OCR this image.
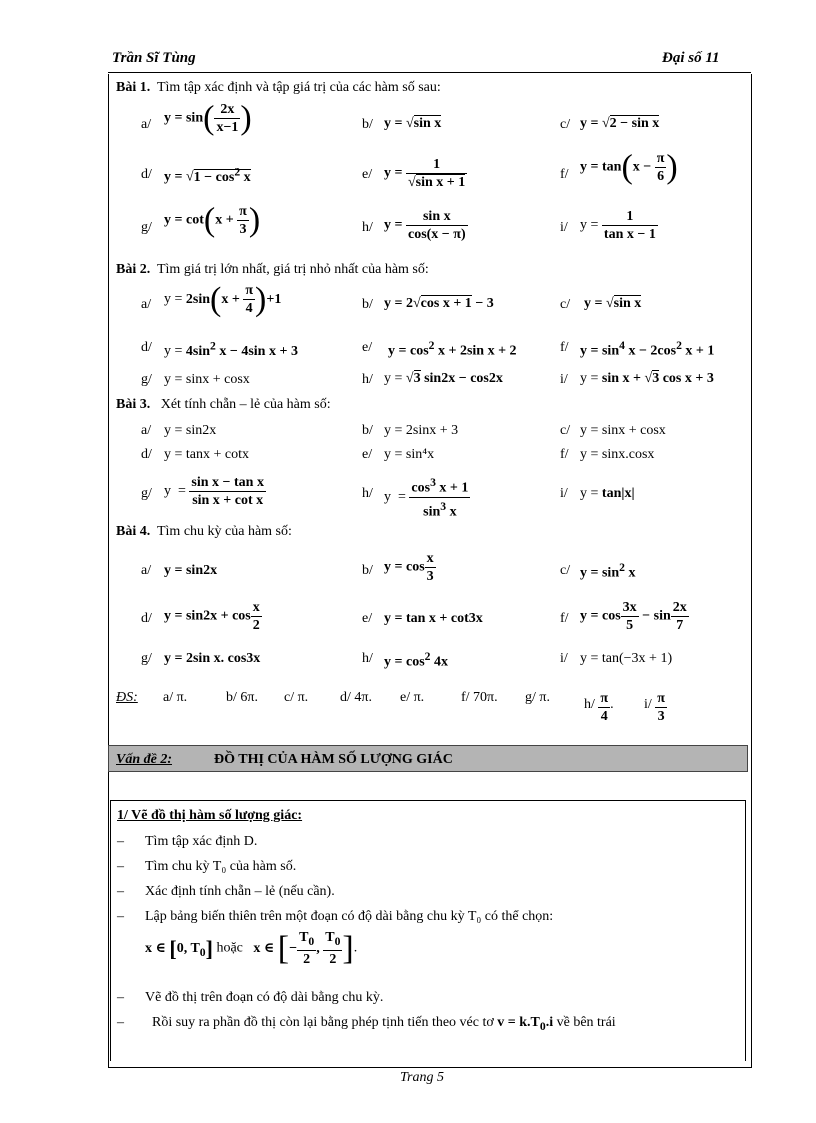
Trần Sĩ Tùng	Đại số 11
Bài 1. Tìm tập xác định và tập giá trị của các hàm số sau:
a/ $y = \sin( \frac{2x}{x-1}$ )	b/ y = √sin x	c/ y = √2 − sin x
d/ $y = √1 - \cos^2 x$	e/ $y = \frac{1}{\text{√sin x + 1}}$	f/ $y = \tan(x - \frac{\pi}{6}$ )
g/ $y = \cot(x + \frac{\pi}{3}$ )	h/ $y = \frac{\text{sin x}}{\cos(x - \pi)}$	i/ $y = \frac{1}{\text{tan x − 1}}$
Bài 2. Tìm giá trị lớn nhất, giá trị nhỏ nhất của hàm số:
a/ $y = 2\sin(x + \frac{\pi}{4} )+1$	b/ y = 2√cos x + 1 − 3	c/ y = √sin x
d/ $y = 4\sin^2$ x − 4sin x + 3	e/ $y = \cos^2 x + 2\sin$ x + 2	f/ $y = \sin^4 x - 2\cos^2$ x + 1
g/ y = sinx + cosx	h/ y = √3 sin2x − cos2x	i/ y = sin x + √3 cos x + 3
Bài 3. Xét tính chẵn – lẻ của hàm số:
a/ y = sin2x	b/ y = 2sinx + 3	c/ y = sinx + cosx
d/ y = tanx + cotx	e/ y = sin⁴x	f/ y = sinx.cosx
g/ $y = \frac{\text{sin x − tan x}}{\text{sin x + cot x}}$	h/ $y = \frac{\cos^3 x + 1}{\sin^3 x}$	i/ y = tan|x|
Bài 4. Tìm chu kỳ của hàm số:
a/ y = sin2x	b/ $y = \cos \frac{x}{3}$	c/ $y = \sin^2 x$
d/ $y = \sin 2x + \cos \frac{x}{2}$	e/ y = tan x + cot3x	f/ $y = \cos \frac{3x}{5} - \sin \frac{2x}{7}$
g/ y = 2sin x. cos3x	h/ $y = \cos^2 4x$	i/ y = tan(−3x + 1)
ĐS: a/ π.	b/ 6π. c/ π. d/ 4π. e/ π.	f/ 70π. g/ π. $h/ \frac{\pi}{4}$ . $i/ \frac{\pi}{3}$
Vấn đề 2:	ĐỒ THỊ CỦA HÀM SỐ LƯỢNG GIÁC
1/ Vẽ đồ thị hàm số lượng giác:
– Tìm tập xác định D.
– Tìm chu kỳ T₀ của hàm số.
– Xác định tính chẵn – lẻ (nếu cần).
– Lập bảng biến thiên trên một đoạn có độ dài bằng chu kỳ T₀ có thể chọn:
x ∈ [0, $T_0$] hoặc x ∈ [− $\frac{T_0}{2}$ , $\frac{T_0}{2}$ ].
– Vẽ đồ thị trên đoạn có độ dài bằng chu kỳ.
– Rồi suy ra phần đồ thị còn lại bằng phép tịnh tiến theo véc tơ $v = k.T_0.i$ về bên trái
Trang 5
